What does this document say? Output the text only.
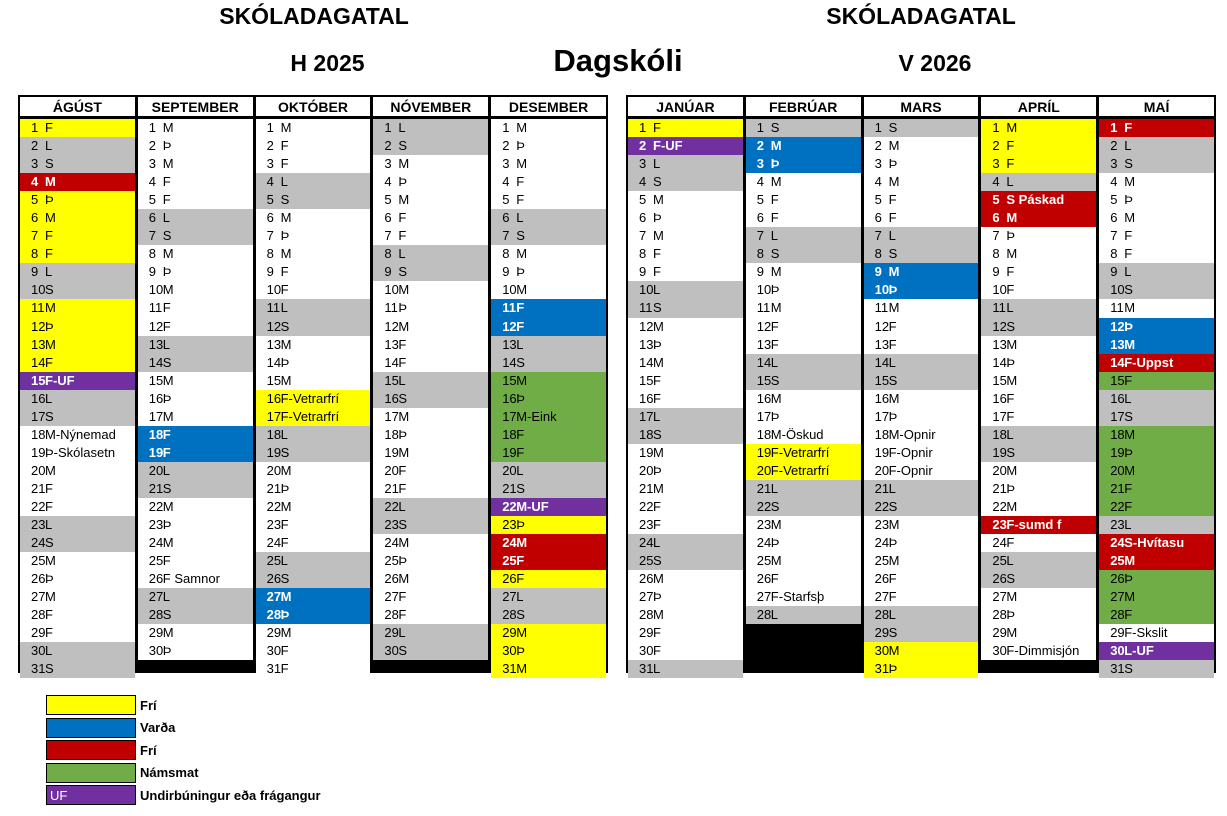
SKÓLADAGATAL
H 2025	Dagskóli
SKÓLADAGATAL
V 2026
ÁGÚST
1 F
2 L
3 S
4 M
5 Þ
6 M
7 F
8 F
9 L
10S
11M
12Þ
13M
14F
15F-UF
16L
17S
18M-Nýnemad
19Þ-Skólasetn
20M
21F
22F
23L
24S
25M
26Þ
27M
28F
29F
30L
31S
SEPTEMBER
1 M
2 Þ
3 M
4 F
5 F
6 L
7 S
8 M
9 Þ
10M
11F
12F
13L
14S
15M
16Þ
17M
18F
19F
20L
21S
22M
23Þ
24M
25F
26F Samnor
27L
28S
29M
30Þ
OKTÓBER
1 M
2 F
3 F
4 L
5 S
6 M
7 Þ
8 M
9 F
10F
11L
12S
13M
14Þ
15M
16F-Vetrarfrí
17F-Vetrarfrí
18L
19S
20M
21Þ
22M
23F
24F
25L
26S
27M
28Þ
29M
30F
31F
NÓVEMBER
1 L
2 S
3 M
4 Þ
5 M
6 F
7 F
8 L
9 S
10M
11Þ
12M
13F
14F
15L
16S
17M
18Þ
19M
20F
21F
22L
23S
24M
25Þ
26M
27F
28F
29L
30S
DESEMBER
1 M
2 Þ
3 M
4 F
5 F
6 L
7 S
8 M
9 Þ
10M
11F
12F
13L
14S
15M
16Þ
17M-Eink
18F
19F
20L
21S
22M-UF
23Þ
24M
25F
26F
27L
28S
29M
30Þ
31M
JANÚAR
1 F
2 F-UF
3 L
4 S
5 M
6 Þ
7 M
8 F
9 F
10L
11S
12M
13Þ
14M
15F
16F
17L
18S
19M
20Þ
21M
22F
23F
24L
25S
26M
27Þ
28M
29F
30F
31L
FEBRÚAR
1 S
2 M
3 Þ
4 M
5 F
6 F
7 L
8 S
9 M
10Þ
11M
12F
13F
14L
15S
16M
17Þ
18M-Öskud
19F-Vetrarfrí
20F-Vetrarfrí
21L
22S
23M
24Þ
25M
26F
27F-Starfsþ
28L
MARS
1 S
2 M
3 Þ
4 M
5 F
6 F
7 L
8 S
9 M
10Þ
11M
12F
13F
14L
15S
16M
17Þ
18M-Opnir
19F-Opnir
20F-Opnir
21L
22S
23M
24Þ
25M
26F
27F
28L
29S
30M
31Þ
APRÍL
1 M
2 F
3 F
4 L
5 S Páskad
6 M
7 Þ
8 M
9 F
10F
11L
12S
13M
14Þ
15M
16F
17F
18L
19S
20M
21Þ
22M
23F-sumd f
24F
25L
26S
27M
28Þ
29M
30F-Dimmisjón
MAÍ
1 F
2 L
3 S
4 M
5 Þ
6 M
7 F
8 F
9 L
10S
11M
12Þ
13M
14F-Uppst
15F
16L
17S
18M
19Þ
20M
21F
22F
23L
24S-Hvítasu
25M
26Þ
27M
28F
29F-Skslit
30L-UF
31S
Frí
Varða
Frí
Námsmat
UF	Undirbúningur eða frágangur
